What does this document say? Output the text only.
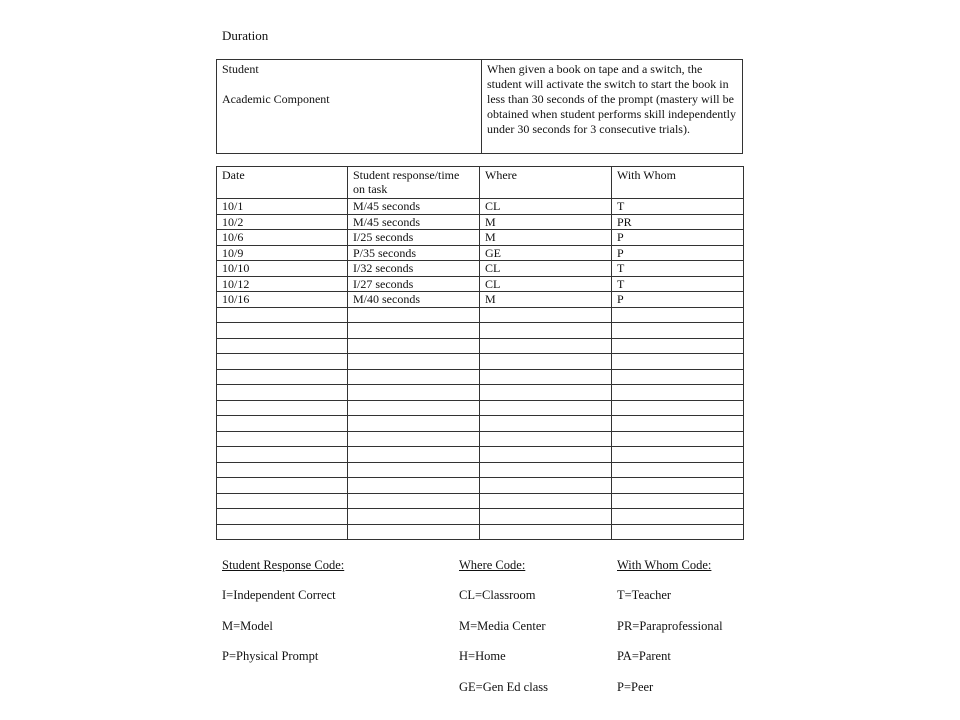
Duration
Student
Academic Component

When given a book on tape and a switch, the student will activate the switch to start the book in less than 30 seconds of the prompt (mastery will be obtained when student performs skill independently under 30 seconds for 3 consecutive trials).
Date	Student response/time on task	Where	With Whom
10/1	M/45 seconds	CL	T
10/2	M/45 seconds	M	PR
10/6	I/25 seconds	M	P
10/9	P/35 seconds	GE	P
10/10	I/32 seconds	CL	T
10/12	I/27 seconds	CL	T
10/16	M/40 seconds	M	P

Student Response Code:
I=Independent Correct
M=Model
P=Physical Prompt
Where Code:
CL=Classroom
M=Media Center
H=Home
GE=Gen Ed class
With Whom Code:
T=Teacher
PR=Paraprofessional
PA=Parent
P=Peer
